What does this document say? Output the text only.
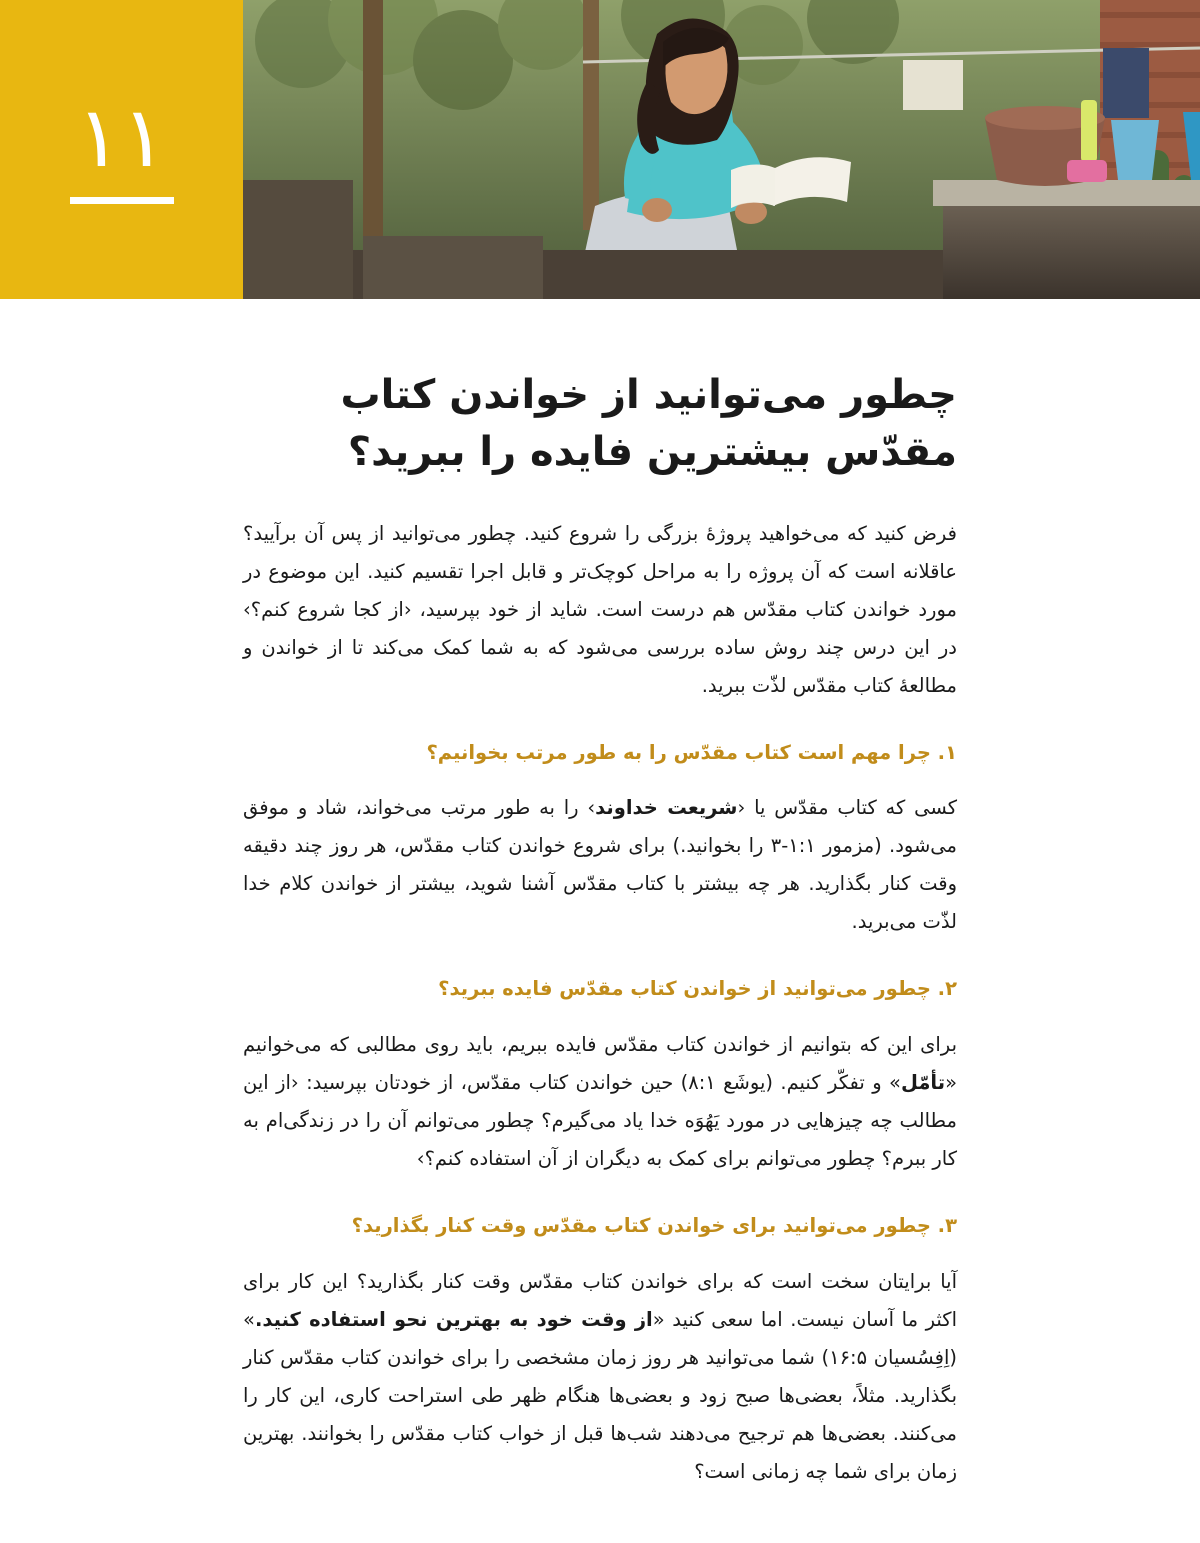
۱۱
چطور می‌توانید از خواندن کتاب مقدّس بیشترین فایده را ببرید؟

فرض کنید که می‌خواهید پروژهٔ بزرگی را شروع کنید. چطور می‌توانید از پس آن برآیید؟ عاقلانه است که آن پروژه را به مراحل کوچک‌تر و قابل اجرا تقسیم کنید. این موضوع در مورد خواندن کتاب مقدّس هم درست است. شاید از خود بپرسید، ‹از کجا شروع کنم؟› در این درس چند روش ساده بررسی می‌شود که به شما کمک می‌کند تا از خواندن و مطالعهٔ کتاب مقدّس لذّت ببرید.

۱. چرا مهم است کتاب مقدّس را به طور مرتب بخوانیم؟

کسی که کتاب مقدّس یا ‹شریعت خداوند› را به طور مرتب می‌خواند، شاد و موفق می‌شود. (مزمور ۱:۱-۳ را بخوانید.) برای شروع خواندن کتاب مقدّس، هر روز چند دقیقه وقت کنار بگذارید. هر چه بیشتر با کتاب مقدّس آشنا شوید، بیشتر از خواندن کلام خدا لذّت می‌برید.

۲. چطور می‌توانید از خواندن کتاب مقدّس فایده ببرید؟

برای این که بتوانیم از خواندن کتاب مقدّس فایده ببریم، باید روی مطالبی که می‌خوانیم «تأمّل» و تفکّر کنیم. (یوشَع ۸:۱) حین خواندن کتاب مقدّس، از خودتان بپرسید: ‹از این مطالب چه چیزهایی در مورد یَهُوَه خدا یاد می‌گیرم؟ چطور می‌توانم آن را در زندگی‌ام به کار ببرم؟ چطور می‌توانم برای کمک به دیگران از آن استفاده کنم؟›

۳. چطور می‌توانید برای خواندن کتاب مقدّس وقت کنار بگذارید؟

آیا برایتان سخت است که برای خواندن کتاب مقدّس وقت کنار بگذارید؟ این کار برای اکثر ما آسان نیست. اما سعی کنید «از وقت خود به بهترین نحو استفاده کنید.» (اِفِسُسیان ۱۶:۵) شما می‌توانید هر روز زمان مشخصی را برای خواندن کتاب مقدّس کنار بگذارید. مثلاً، بعضی‌ها صبح زود و بعضی‌ها هنگام ظهر طی استراحت کاری، این کار را می‌کنند. بعضی‌ها هم ترجیح می‌دهند شب‌ها قبل از خواب کتاب مقدّس را بخوانند. بهترین زمان برای شما چه زمانی است؟
